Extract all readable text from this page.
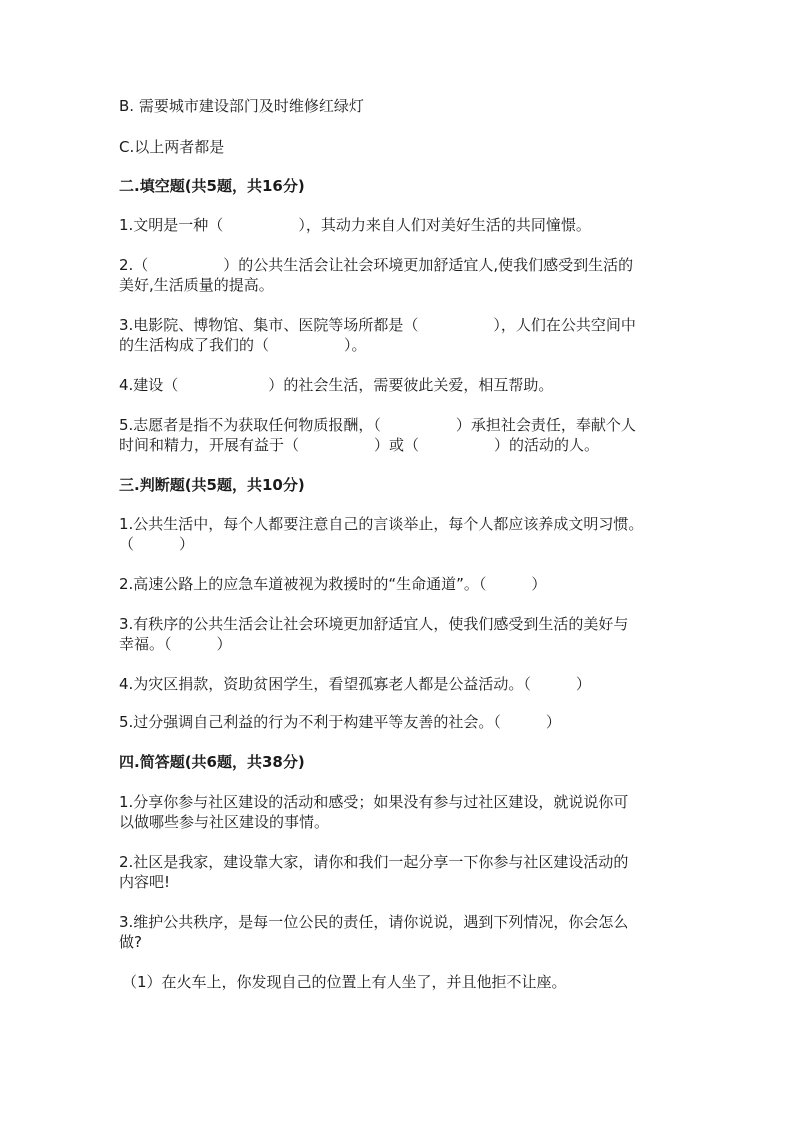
B. 需要城市建设部门及时维修红绿灯
C.以上两者都是
二.填空题(共5题，共16分)
1.文明是一种（　　　　　），其动力来自人们对美好生活的共同憧憬。
2.（　　　　　）的公共生活会让社会环境更加舒适宜人,使我们感受到生活的
美好,生活质量的提高。
3.电影院、博物馆、集市、医院等场所都是（　　　　　），人们在公共空间中
的生活构成了我们的（　　　　　）。
4.建设（　　　　　　）的社会生活，需要彼此关爱，相互帮助。
5.志愿者是指不为获取任何物质报酬，（　　　　　）承担社会责任，奉献个人
时间和精力，开展有益于（　　　　　）或（　　　　　）的活动的人。
三.判断题(共5题，共10分)
1.公共生活中，每个人都要注意自己的言谈举止，每个人都应该养成文明习惯。
（　　　）
2.高速公路上的应急车道被视为救援时的“生命通道”。（　　　）
3.有秩序的公共生活会让社会环境更加舒适宜人，使我们感受到生活的美好与
幸福。（　　　）
4.为灾区捐款，资助贫困学生，看望孤寡老人都是公益活动。（　　　）
5.过分强调自己利益的行为不利于构建平等友善的社会。（　　　）
四.简答题(共6题，共38分)
1.分享你参与社区建设的活动和感受；如果没有参与过社区建设，就说说你可
以做哪些参与社区建设的事情。
2.社区是我家，建设靠大家，请你和我们一起分享一下你参与社区建设活动的
内容吧!
3.维护公共秩序，是每一位公民的责任，请你说说，遇到下列情况，你会怎么
做?
（1）在火车上，你发现自己的位置上有人坐了，并且他拒不让座。
